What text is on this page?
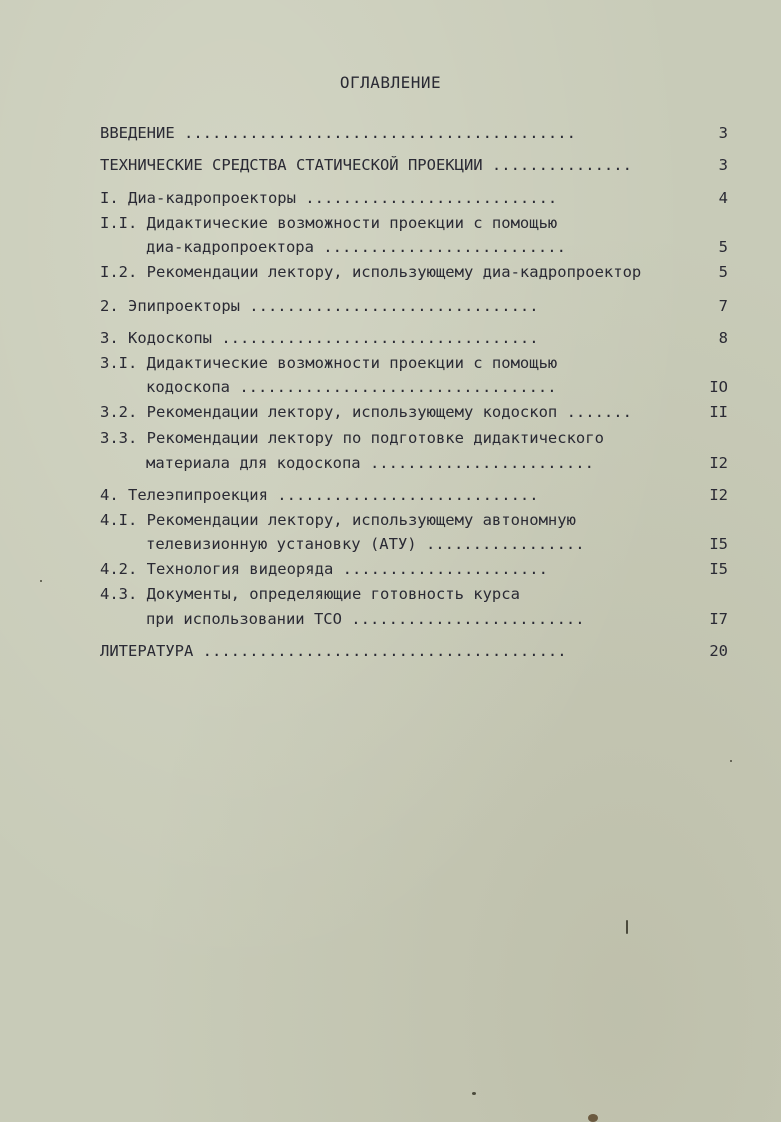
ОГЛАВЛЕНИЕ
ВВЕДЕНИЕ ..........................................	3
ТЕХНИЧЕСКИЕ СРЕДСТВА СТАТИЧЕСКОЙ ПРОЕКЦИИ ...............	3
I. Диа-кадропроекторы ...........................	4
I.I. Дидактические возможности проекции с помощью
диа-кадропроектора ..........................	5
I.2. Рекомендации лектору, использующему диа-кадропроектор	5
2. Эпипроекторы ...............................	7
3. Кодоскопы ..................................	8
3.I. Дидактические возможности проекции с помощью
кодоскопа ..................................	IO
3.2. Рекомендации лектору, использующему кодоскоп .......	II
3.3. Рекомендации лектору по подготовке дидактического
материала для кодоскопа ........................	I2
4. Телеэпипроекция ............................	I2
4.I. Рекомендации лектору, использующему автономную
телевизионную установку (АТУ) .................	I5
4.2. Технология видеоряда ......................	I5
4.3. Документы, определяющие готовность курса
при использовании ТСО .........................	I7
ЛИТЕРАТУРА .......................................	20
